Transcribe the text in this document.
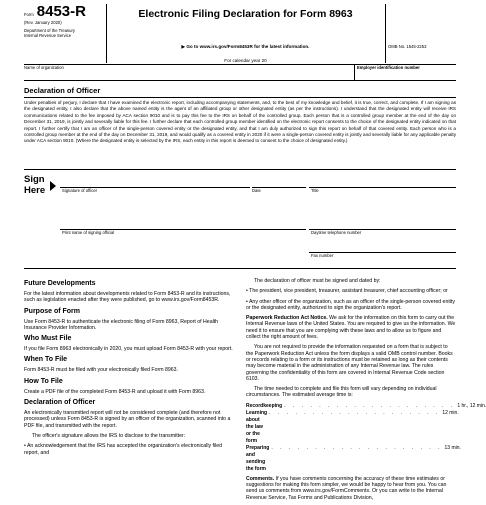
Form 8453-R
(Rev. January 2020)
Department of the Treasury
Internal Revenue Service
Electronic Filing Declaration for Form 8963
▶ Go to www.irs.gov/Form8453R for the latest information.
For calendar year 20
OMB No. 1545-2253
Name of organization	Employer identification number
Declaration of Officer
Under penalties of perjury, I declare that I have examined the electronic report, including accompanying statements, and, to the best of my knowledge and belief, it is true, correct, and complete. If I am signing as the designated entity, I also declare that the above named entity is the agent of an affiliated group or other designated entity (as per the instructions). I understand that the designated entity will receive IRS communications related to the fee imposed by ACA section 9010 and is to pay this fee to the IRS on behalf of the controlled group. Each person that is a controlled group member at the end of the day on December 31, 2019, is jointly and severally liable for this fee. I further declare that each controlled group member identified on the electronic report consents to the choice of the designated entity indicated on that report. I further certify that I am an officer of the single-person covered entity or the designated entity, and that I am duly authorized to sign this report on behalf of that covered entity. Each person who is a controlled group member at the end of the day on December 31, 2019, and would qualify as a covered entity in 2020 if it were a single-person covered entity is jointly and severally liable for any applicable penalty under ACA section 9010. (Where the designated entity is selected by the IRS, each entity in this report is deemed to consent to the choice of designated entity.)
Sign
Here	Signature of officer	Date	Title
Print name of signing official	Daytime telephone number
Fax number
Future Developments

For the latest information about developments related to Form 8453-R and its instructions, such as legislation enacted after they were published, go to www.irs.gov/Form8453R.

Purpose of Form

Use Form 8453-R to authenticate the electronic filing of Form 8963, Report of Health Insurance Provider Information.

Who Must File

If you file Form 8963 electronically in 2020, you must upload Form 8453-R with your report.

When To File

Form 8453-R must be filed with your electronically filed Form 8963.

How To File

Create a PDF file of the completed Form 8453-R and upload it with Form 8963.

Declaration of Officer

An electronically transmitted report will not be considered complete (and therefore not processed) unless Form 8453-R is signed by an officer of the organization, scanned into a PDF file, and transmitted with the report.

The officer's signature allows the IRS to disclose to the transmitter:

• An acknowledgement that the IRS has accepted the organization's electronically filed report, and

The declaration of officer must be signed and dated by:

• The president, vice president, treasurer, assistant treasurer, chief accounting officer; or

• Any other officer of the organization, such as an officer of the single-person covered entity or the designated entity, authorized to sign the organization's report.

Paperwork Reduction Act Notice. We ask for the information on this form to carry out the Internal Revenue laws of the United States. You are required to give us the information. We need it to ensure that you are complying with these laws and to allow us to figure and collect the right amount of fees.

You are not required to provide the information requested on a form that is subject to the Paperwork Reduction Act unless the form displays a valid OMB control number. Books or records relating to a form or its instructions must be retained as long as their contents may become material in the administration of any Internal Revenue law. The rules governing the confidentiality of this form are covered in Internal Revenue Code section 6103.

The time needed to complete and file this form will vary depending on individual circumstances. The estimated average time is:

Recordkeeping . . . . . . . . . . . . . . . . . . . . 1 hr., 12 min.
Learning about the law or the form
. . . . . . . . . . . . . . . . . . . . 12 min.
Preparing and sending the form
. . . . . . . . . . . . . . . . . . . . 13 min.

Comments. If you have comments concerning the accuracy of these time estimates or suggestions for making this form simpler, we would be happy to hear from you. You can send us comments from www.irs.gov/FormComments. Or you can write to the Internal Revenue Service, Tax Forms and Publications Division,
